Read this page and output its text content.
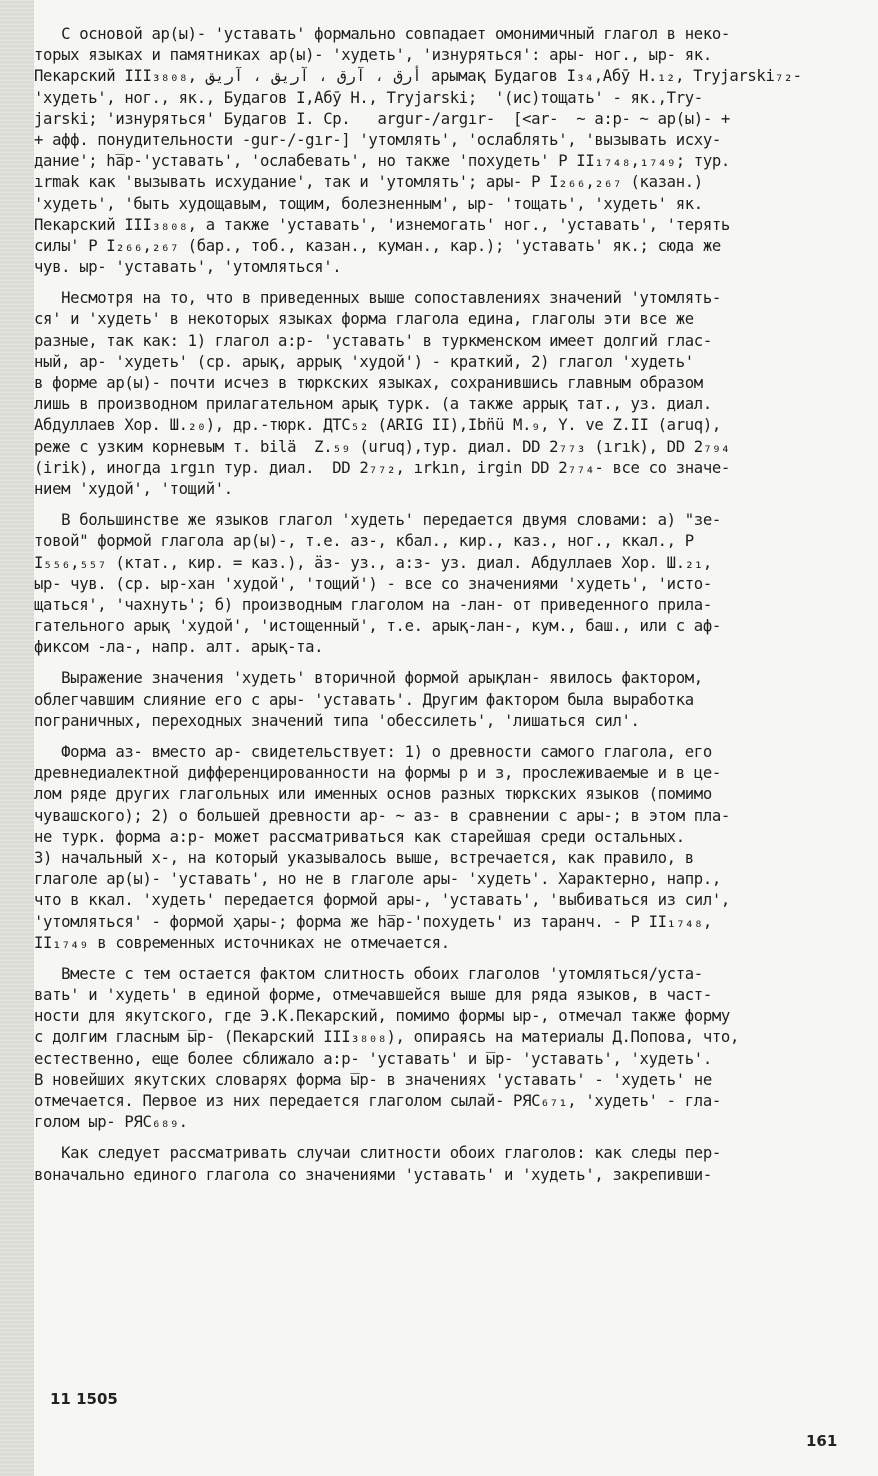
С основой ар(ы)- 'уставать' формально совпадает омонимичный глагол в неко-
торых языках и памятниках ар(ы)- 'худеть', 'изнуряться': ары- ног., ыр- як.
Пекарский III₃₈₀₈, أرق ، آرق ، آريق ، آريق арымақ Будагов I₃₄,Абӯ Н.₁₂, Tryjarski₇₂-
'худеть', ног., як., Будагов I,Абӯ Н., Tryjarski;  '(ис)тощать' - як.,Try-
jarski; 'изнуряться' Будагов I. Ср.   argur-/argır-  [<ar-  ~ a:р- ~ ар(ы)- +
+ афф. понудительности -gur-/-gır-] 'утомлять', 'ослаблять', 'вызывать исху-
дание'; ha̅р-'уставать', 'ослабевать', но также 'похудеть' P II₁₇₄₈,₁₇₄₉; тур.
ırmak как 'вызывать исхудание', так и 'утомлять'; ары- P I₂₆₆,₂₆₇ (казан.)
'худеть', 'быть худощавым, тощим, болезненным', ыр- 'тощать', 'худеть' як.
Пекарский III₃₈₀₈, а также 'уставать', 'изнемогать' ног., 'уставать', 'терять
силы' P I₂₆₆,₂₆₇ (бар., тоб., казан., куман., кар.); 'уставать' як.; сюда же
чув. ыр- 'уставать', 'утомляться'.
Несмотря на то, что в приведенных выше сопоставлениях значений 'утомлять-
ся' и 'худеть' в некоторых языках форма глагола едина, глаголы эти все же
разные, так как: 1) глагол а:р- 'уставать' в туркменском имеет долгий глас-
ный, ар- 'худеть' (ср. арық, аррық 'худой') - краткий, 2) глагол 'худеть'
в форме ар(ы)- почти исчез в тюркских языках, сохранившись главным образом
лишь в производном прилагательном арық турк. (а также аррық тат., уз. диал.
Абдуллаев Хор. Ш.₂₀), др.-тюрк. ДТС₅₂ (ARIG II),Ibn̈ü M.₉, Y. ve Z.II (aruq),
реже с узким корневым т. bilä  Z.₅₉ (uruq),тур. диал. DD 2₇₇₃ (ırık), DD 2₇₉₄
(irik), иногда ırgın тур. диал.  DD 2₇₇₂, ırkın, irgin DD 2₇₇₄- все со значе-
нием 'худой', 'тощий'.
В большинстве же языков глагол 'худеть' передается двумя словами: а) "зе-
товой" формой глагола ар(ы)-, т.е. аз-, кбал., кир., каз., ног., ккал., P
I₅₅₆,₅₅₇ (ктат., кир. = каз.), ӓз- уз., а:з- уз. диал. Абдуллаев Хор. Ш.₂₁,
ыр- чув. (ср. ыр-хан 'худой', 'тощий') - все со значениями 'худеть', 'исто-
щаться', 'чахнуть'; б) производным глаголом на -лан- от приведенного прила-
гательного арық 'худой', 'истощенный', т.е. арық-лан-, кум., баш., или с аф-
фиксом -ла-, напр. алт. арық-та.
Выражение значения 'худеть' вторичной формой арықлан- явилось фактором,
облегчавшим слияние его с ары- 'уставать'. Другим фактором была выработка
пограничных, переходных значений типа 'обессилеть', 'лишаться сил'.
Форма аз- вместо ар- свидетельствует: 1) о древности самого глагола, его
древнедиалектной дифференцированности на формы р и з, прослеживаемые и в це-
лом ряде других глагольных или именных основ разных тюркских языков (помимо
чувашского); 2) о большей древности ар- ~ аз- в сравнении с ары-; в этом пла-
не турк. форма а:р- может рассматриваться как старейшая среди остальных.
3) начальный х-, на который указывалось выше, встречается, как правило, в
глаголе ар(ы)- 'уставать', но не в глаголе ары- 'худеть'. Характерно, напр.,
что в ккал. 'худеть' передается формой ары-, 'уставать', 'выбиваться из сил',
'утомляться' - формой ҳары-; форма же ha̅р-'похудеть' из таранч. - P II₁₇₄₈,
II₁₇₄₉ в современных источниках не отмечается.
Вместе с тем остается фактом слитность обоих глаголов 'утомляться/уста-
вать' и 'худеть' в единой форме, отмечавшейся выше для ряда языков, в част-
ности для якутского, где Э.К.Пекарский, помимо формы ыр-, отмечал также форму
с долгим гласным ы̅р- (Пекарский III₃₈₀₈), опираясь на материалы Д.Попова, что,
естественно, еще более сближало а:р- 'уставать' и ы̅р- 'уставать', 'худеть'.
В новейших якутских словарях форма ы̅р- в значениях 'уставать' - 'худеть' не
отмечается. Первое из них передается глаголом сылай- РЯС₆₇₁, 'худеть' - гла-
голом ыр- РЯС₆₈₉.
Как следует рассматривать случаи слитности обоих глаголов: как следы пер-
воначально единого глагола со значениями 'уставать' и 'худеть', закрепивши-
11 1505
161
